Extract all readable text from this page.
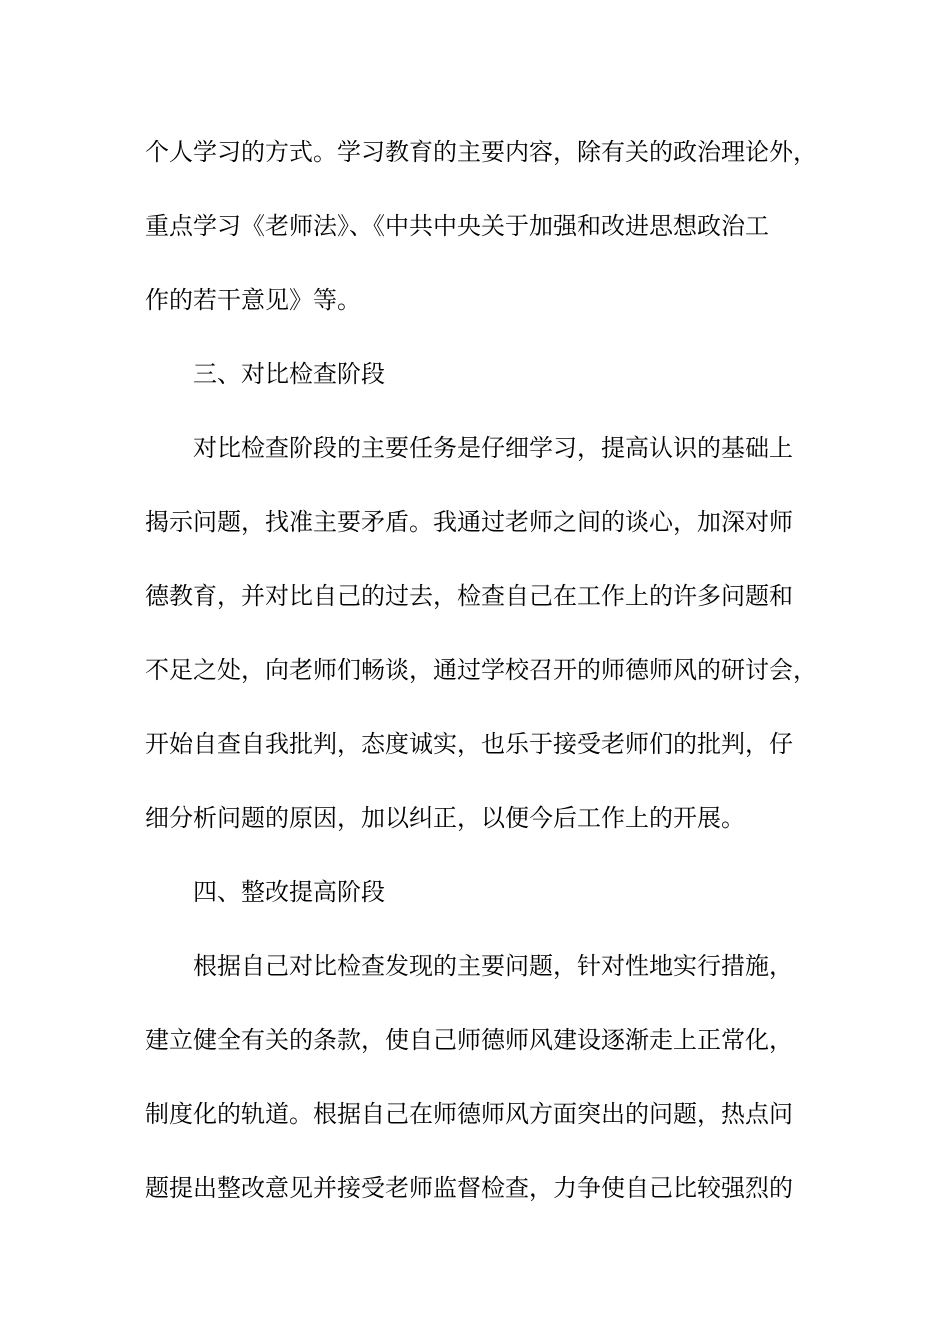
个人学习的方式。学习教育的主要内容，除有关的政治理论外，
重点学习《老师法》、《中共中央关于加强和改进思想政治工
作的若干意见》等。
三、对比检查阶段
对比检查阶段的主要任务是仔细学习，提高认识的基础上
揭示问题，找准主要矛盾。我通过老师之间的谈心，加深对师
德教育，并对比自己的过去，检查自己在工作上的许多问题和
不足之处，向老师们畅谈，通过学校召开的师德师风的研讨会，
开始自查自我批判，态度诚实，也乐于接受老师们的批判，仔
细分析问题的原因，加以纠正，以便今后工作上的开展。
四、整改提高阶段
根据自己对比检查发现的主要问题，针对性地实行措施，
建立健全有关的条款，使自己师德师风建设逐渐走上正常化，
制度化的轨道。根据自己在师德师风方面突出的问题，热点问
题提出整改意见并接受老师监督检查，力争使自己比较强烈的
